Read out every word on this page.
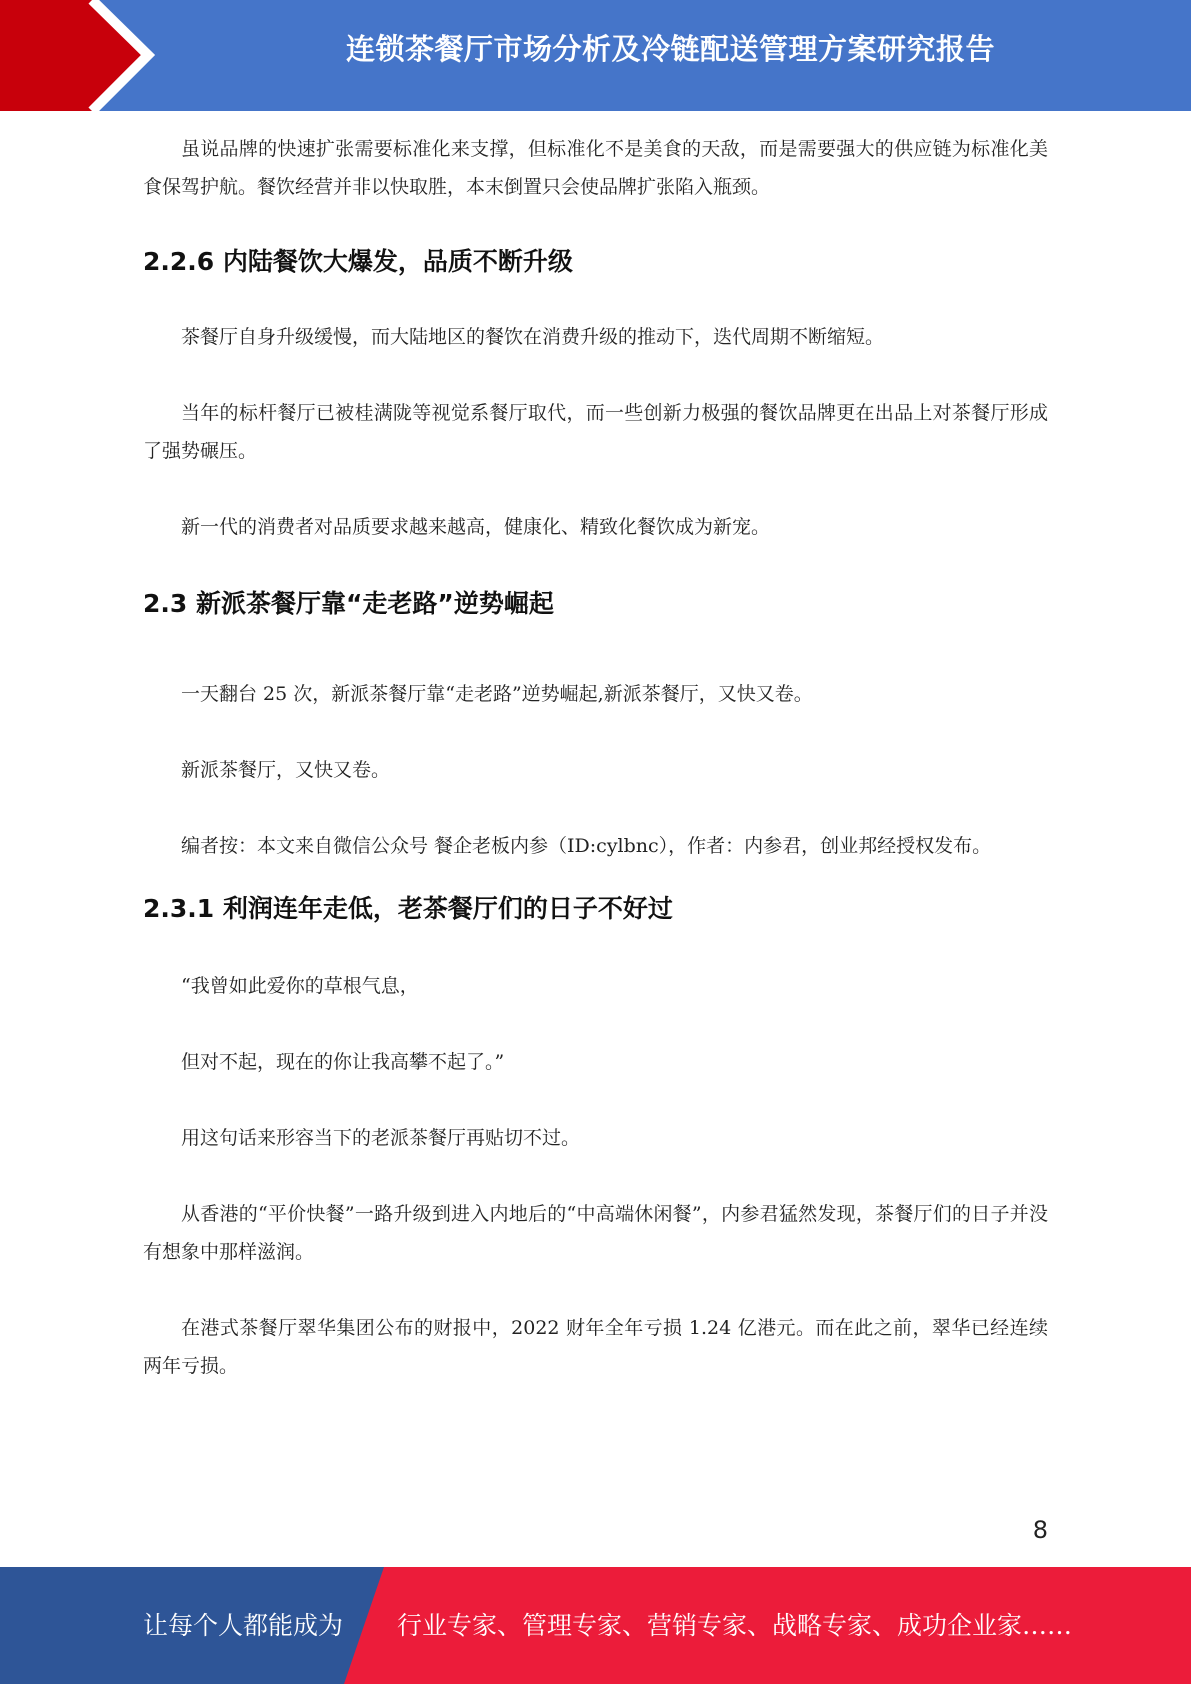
连锁茶餐厅市场分析及冷链配送管理方案研究报告

虽说品牌的快速扩张需要标准化来支撑，但标准化不是美食的天敌，而是需要强大的供应链为标准化美食保驾护航。餐饮经营并非以快取胜，本末倒置只会使品牌扩张陷入瓶颈。

2.2.6 内陆餐饮大爆发，品质不断升级

茶餐厅自身升级缓慢，而大陆地区的餐饮在消费升级的推动下，迭代周期不断缩短。

当年的标杆餐厅已被桂满陇等视觉系餐厅取代，而一些创新力极强的餐饮品牌更在出品上对茶餐厅形成了强势碾压。

新一代的消费者对品质要求越来越高，健康化、精致化餐饮成为新宠。

2.3 新派茶餐厅靠“走老路”逆势崛起

一天翻台 25 次，新派茶餐厅靠“走老路”逆势崛起,新派茶餐厅，又快又卷。

新派茶餐厅，又快又卷。

编者按：本文来自微信公众号 餐企老板内参（ID:cylbnc），作者：内参君，创业邦经授权发布。

2.3.1 利润连年走低，老茶餐厅们的日子不好过

“我曾如此爱你的草根气息，

但对不起，现在的你让我高攀不起了。”

用这句话来形容当下的老派茶餐厅再贴切不过。

从香港的“平价快餐”一路升级到进入内地后的“中高端休闲餐”，内参君猛然发现，茶餐厅们的日子并没有想象中那样滋润。

在港式茶餐厅翠华集团公布的财报中，2022 财年全年亏损 1.24 亿港元。而在此之前，翠华已经连续两年亏损。

8
让每个人都能成为 行业专家、管理专家、营销专家、战略专家、成功企业家……
